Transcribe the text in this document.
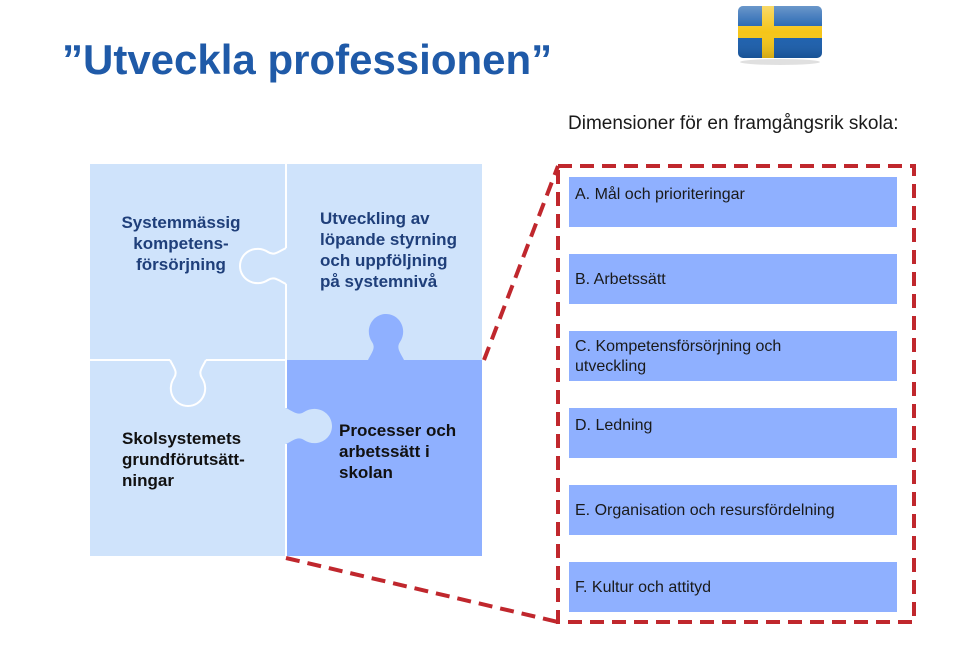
”Utveckla professionen”
Dimensioner för en framgångsrik skola:
Systemmässig
kompetens-
försörjning
Utveckling av
löpande styrning
och uppföljning
på systemnivå
Skolsystemets
grundförutsätt-
ningar
Processer och
arbetssätt i
skolan
A. Mål och prioriteringar
B. Arbetssätt
C. Kompetensförsörjning och utveckling
D. Ledning
E. Organisation och resursfördelning
F. Kultur och attityd
